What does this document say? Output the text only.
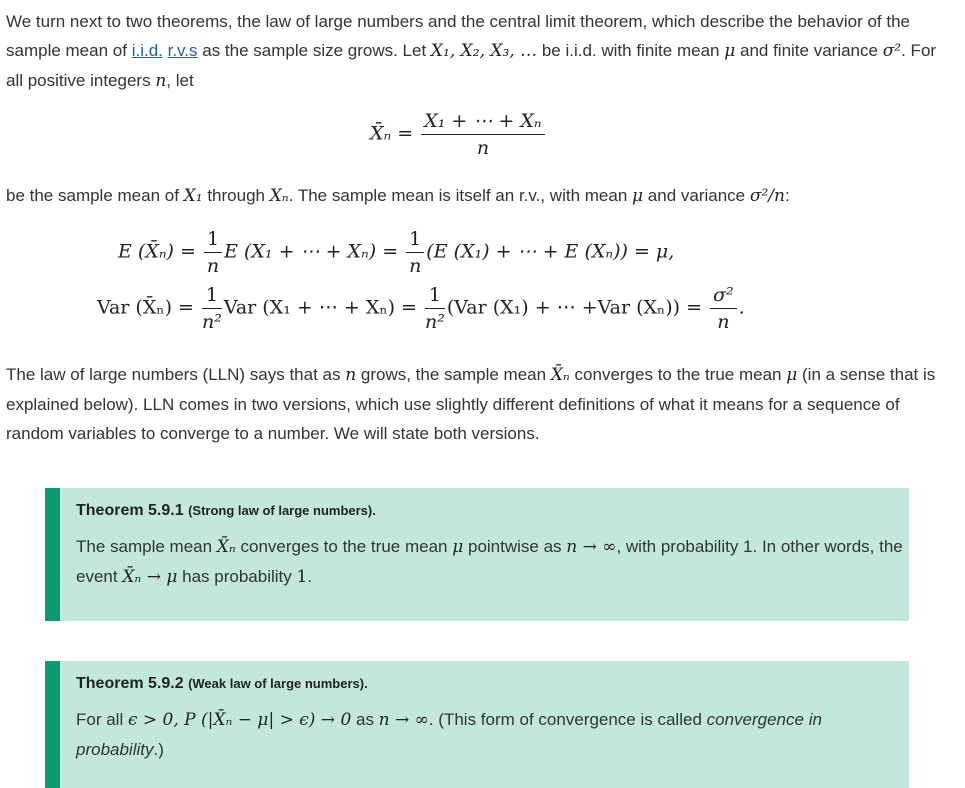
We turn next to two theorems, the law of large numbers and the central limit theorem, which describe the behavior of the sample mean of i.i.d. r.v.s as the sample size grows. Let X₁, X₂, X₃, … be i.i.d. with finite mean μ and finite variance σ². For all positive integers n, let

X̄ₙ = $\frac{\text{X₁ + ⋯ + Xₙ}}{n}$

be the sample mean of X₁ through Xₙ. The sample mean is itself an r.v., with mean μ and variance σ²/n:

E (X̄ₙ) = $\frac{1}{n}$ E (X₁ + ⋯ + $X_n) = \frac{1}{n} (E$ (X₁) + ⋯ + E (Xₙ)) = μ,
Var (X̄ₙ) = $\frac{1}{\text{n²}}$ Var (X₁ + ⋯ + $X_n) = \frac{1}{\text{n²}} (Var$ (X₁) + ⋯ +Var $(X_n)) = \frac{\text{σ²}}{n}$ .

The law of large numbers (LLN) says that as n grows, the sample mean X̄ₙ converges to the true mean μ (in a sense that is explained below). LLN comes in two versions, which use slightly different definitions of what it means for a sequence of random variables to converge to a number. We will state both versions.

Theorem 5.9.1 (Strong law of large numbers).

The sample mean X̄ₙ converges to the true mean μ pointwise as n → ∞, with probability 1. In other words, the event X̄ₙ → μ has probability 1.

Theorem 5.9.2 (Weak law of large numbers).

For all ϵ > 0, P (|X̄ₙ − μ| > ϵ) → 0 as n → ∞. (This form of convergence is called convergence in probability.)
